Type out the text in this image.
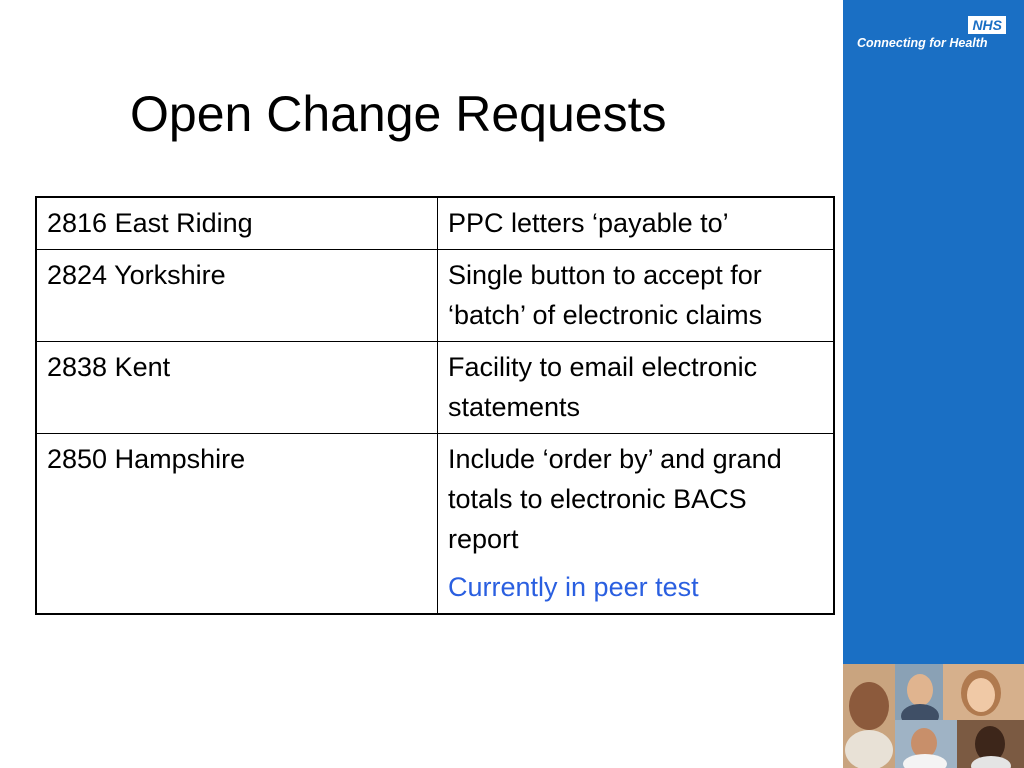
Open Change Requests
2816 East Riding	PPC letters ‘payable to’
2824 Yorkshire	Single button to accept for ‘batch’ of electronic claims
2838 Kent	Facility to email electronic statements
2850 Hampshire	Include ‘order by’ and grand totals to electronic BACS report
Currently in peer test
NHS
Connecting for Health
